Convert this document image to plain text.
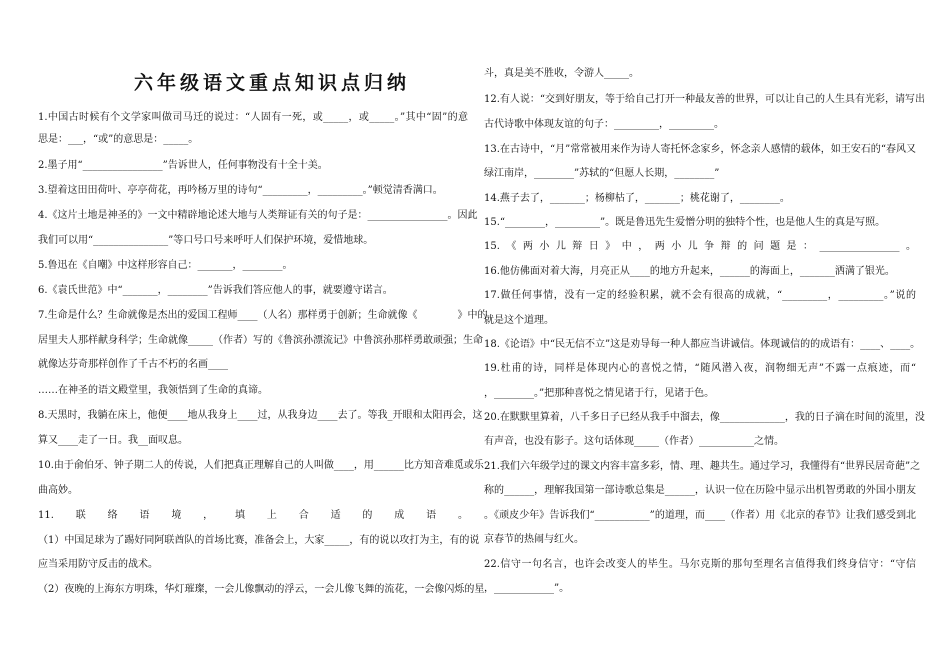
六年级语文重点知识点归纳
1.中国古时候有个文学家叫做司马迁的说过：“人固有一死，或_____，或_____。”其中“固”的意
思是：___，“或”的意思是：_____。
2.墨子用“________________”告诉世人，任何事物没有十全十美。
3.望着这田田荷叶、亭亭荷花，再吟杨万里的诗句“_________，_________。”顿觉清香满口。
4.《这片土地是神圣的》一文中精辟地论述大地与人类辩证有关的句子是：________________。因此
我们可以用“_______________”等口号口号来呼吁人们保护环境，爱惜地球。
5.鲁迅在《自嘲》中这样形容自己：_______，________。
6.《袁氏世范》中“_______，________”告诉我们答应他人的事，就要遵守诺言。
7.生命是什么？生命就像是杰出的爱国工程师____（人名）那样勇于创新；生命就像《　　　　》中的
居里夫人那样献身科学；生命就像_____（作者）写的《鲁滨孙漂流记》中鲁滨孙那样勇敢顽强；生命
就像达芬奇那样创作了千古不朽的名画____
……在神圣的语文殿堂里，我领悟到了生命的真谛。
8.天黑时，我躺在床上，他便____地从我身上____过，从我身边____去了。等我_开眼和太阳再会，这
算又____走了一日。我__面叹息。
10.由于俞伯牙、钟子期二人的传说，人们把真正理解自己的人叫做____，用______比方知音难觅或乐
曲高妙。
11.联络语境，填上合适的成语。
（1）中国足球为了踢好同阿联酋队的首场比赛，准备会上，大家_____，有的说以攻打为主，有的说
应当采用防守反击的战术。
（2）夜晚的上海东方明珠，华灯璀璨，一会儿像飘动的浮云，一会儿像飞舞的流花，一会像闪烁的星
斗，真是美不胜收，令游人_____。
12.有人说：“交到好朋友，等于给自己打开一种最友善的世界，可以让自己的人生具有光彩，请写出
古代诗歌中体现友谊的句子：_________，_________。
13.在古诗中，“月”常常被用来作为诗人寄托怀念家乡，怀念亲人感情的载体，如王安石的“春风又
绿江南岸，________”苏轼的“但愿人长期，________”
14.燕子去了，_______；杨柳枯了，_______；桃花谢了，________。
15.“________，_________”。既是鲁迅先生爱憎分明的独特个性，也是他人生的真是写照。
15.《两小儿辩日》中，两小儿争辩的问题是：________________。
16.他仿佛面对着大海，月亮正从____的地方升起来，______的海面上，_______洒满了银光。
17.做任何事情，没有一定的经验积累，就不会有很高的成就，“_________，_________。”说的
就是这个道理。
18.《论语》中“民无信不立”这是劝导每一种人都应当讲诚信。体现诚信的的成语有：____、____。
19.杜甫的诗，同样是体现内心的喜悦之情，“随风潜入夜，润物细无声”不露一点痕迹，而“
，________。”把那种喜悦之情见诸于行，见诸于色。
20.在默默里算着，八千多日子已经从我手中溜去，像_____________，我的日子滴在时间的流里，没
有声音，也没有影子。这句话体现_____（作者）___________之情。
21.我们六年级学过的课文内容丰富多彩，情、理、趣共生。通过学习，我懂得有“世界民居奇葩”之
称的______，理解我国第一部诗歌总集是______，认识一位在历险中显示出机智勇敢的外国小朋友
。《顽皮少年》告诉我们“___________”的道理，而____（作者）用《北京的春节》让我们感受到北
京春节的热闹与红火。
22.信守一句名言，也许会改变人的毕生。马尔克斯的那句至理名言值得我们终身信守：“守信
，____________”。
